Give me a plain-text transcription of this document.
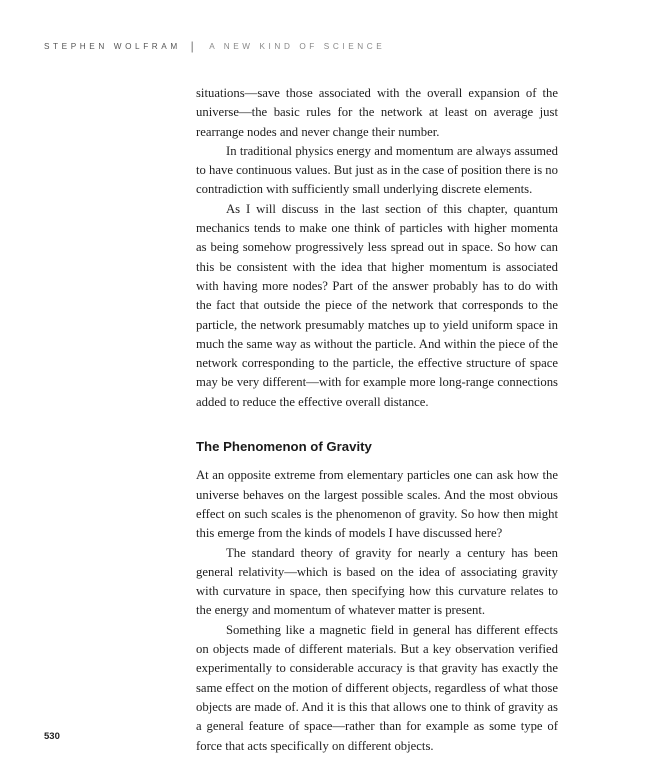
STEPHEN WOLFRAM | A NEW KIND OF SCIENCE

situations—save those associated with the overall expansion of the universe—the basic rules for the network at least on average just rearrange nodes and never change their number.

In traditional physics energy and momentum are always assumed to have continuous values. But just as in the case of position there is no contradiction with sufficiently small underlying discrete elements.

As I will discuss in the last section of this chapter, quantum mechanics tends to make one think of particles with higher momenta as being somehow progressively less spread out in space. So how can this be consistent with the idea that higher momentum is associated with having more nodes? Part of the answer probably has to do with the fact that outside the piece of the network that corresponds to the particle, the network presumably matches up to yield uniform space in much the same way as without the particle. And within the piece of the network corresponding to the particle, the effective structure of space may be very different—with for example more long-range connections added to reduce the effective overall distance.

The Phenomenon of Gravity

At an opposite extreme from elementary particles one can ask how the universe behaves on the largest possible scales. And the most obvious effect on such scales is the phenomenon of gravity. So how then might this emerge from the kinds of models I have discussed here?

The standard theory of gravity for nearly a century has been general relativity—which is based on the idea of associating gravity with curvature in space, then specifying how this curvature relates to the energy and momentum of whatever matter is present.

Something like a magnetic field in general has different effects on objects made of different materials. But a key observation verified experimentally to considerable accuracy is that gravity has exactly the same effect on the motion of different objects, regardless of what those objects are made of. And it is this that allows one to think of gravity as a general feature of space—rather than for example as some type of force that acts specifically on different objects.

530
